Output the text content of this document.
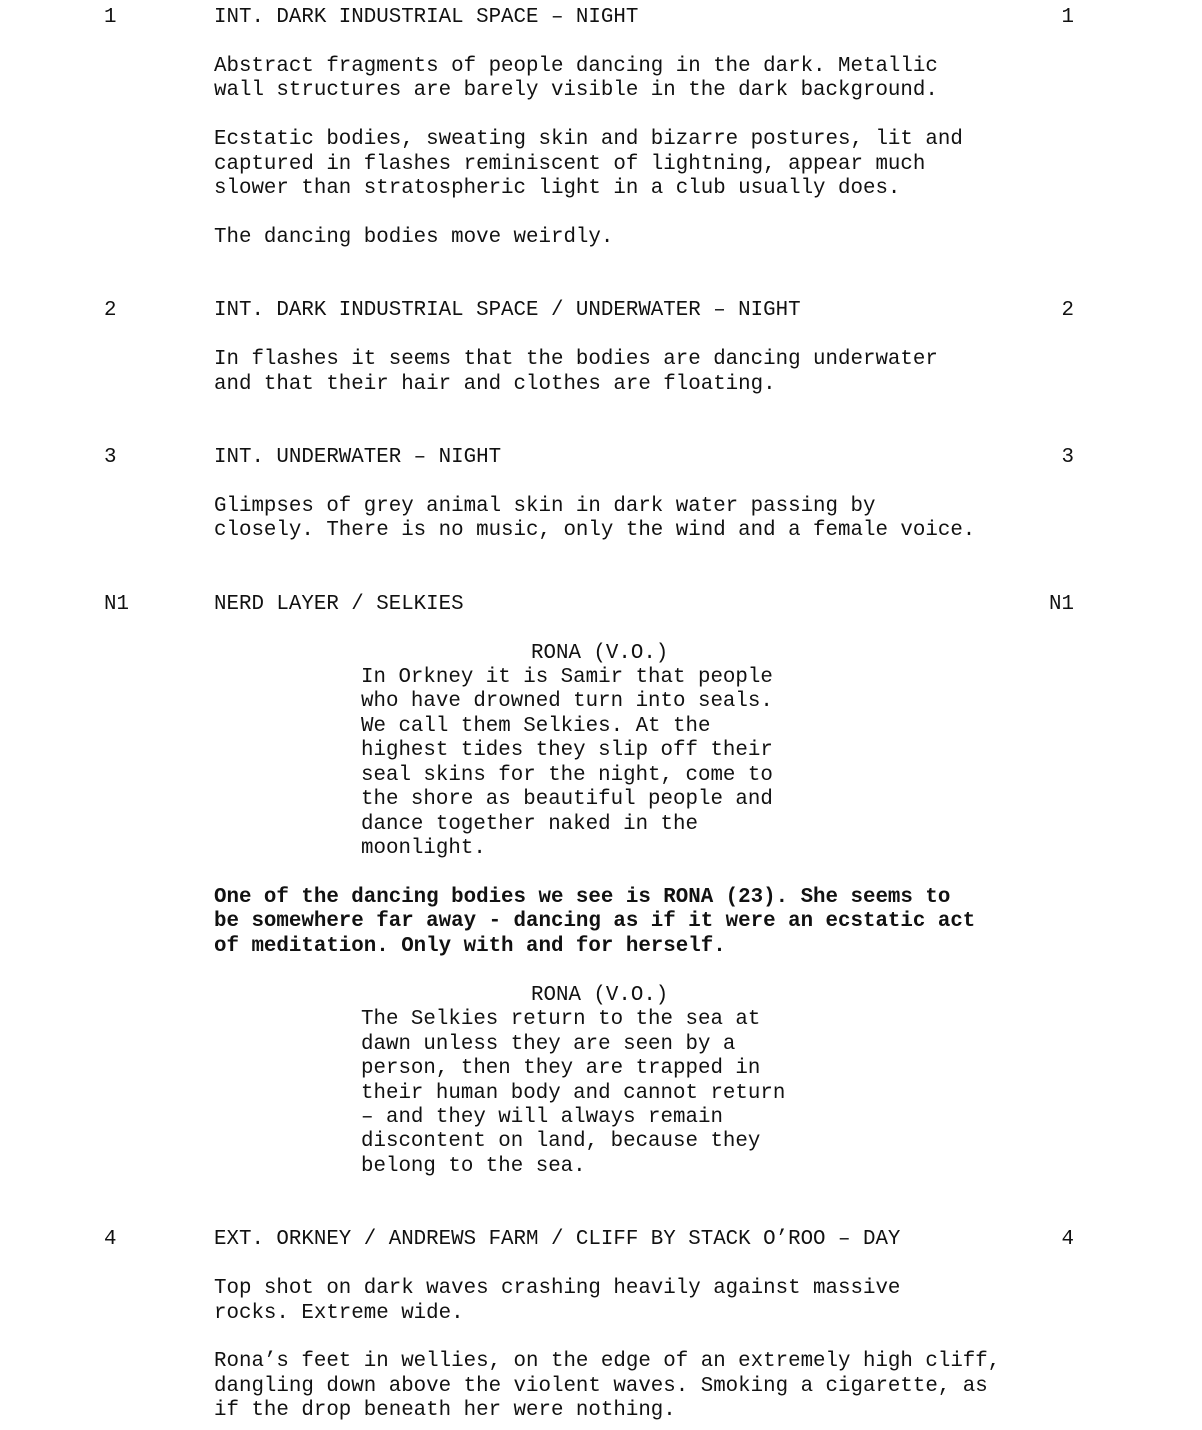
1	INT. DARK INDUSTRIAL SPACE – NIGHT	1
Abstract fragments of people dancing in the dark. Metallic
wall structures are barely visible in the dark background.
Ecstatic bodies, sweating skin and bizarre postures, lit and
captured in flashes reminiscent of lightning, appear much
slower than stratospheric light in a club usually does.
The dancing bodies move weirdly.
2	INT. DARK INDUSTRIAL SPACE / UNDERWATER – NIGHT	2
In flashes it seems that the bodies are dancing underwater
and that their hair and clothes are floating.
3	INT. UNDERWATER – NIGHT	3
Glimpses of grey animal skin in dark water passing by
closely. There is no music, only the wind and a female voice.
N1	NERD LAYER / SELKIES	N1
RONA (V.O.)
In Orkney it is Samir that people
who have drowned turn into seals.
We call them Selkies. At the
highest tides they slip off their
seal skins for the night, come to
the shore as beautiful people and
dance together naked in the
moonlight.
One of the dancing bodies we see is RONA (23). She seems to
be somewhere far away - dancing as if it were an ecstatic act
of meditation. Only with and for herself.
RONA (V.O.)
The Selkies return to the sea at
dawn unless they are seen by a
person, then they are trapped in
their human body and cannot return
– and they will always remain
discontent on land, because they
belong to the sea.
4	EXT. ORKNEY / ANDREWS FARM / CLIFF BY STACK O’ROO – DAY	4
Top shot on dark waves crashing heavily against massive
rocks. Extreme wide.
Rona’s feet in wellies, on the edge of an extremely high cliff,
dangling down above the violent waves. Smoking a cigarette, as
if the drop beneath her were nothing.
